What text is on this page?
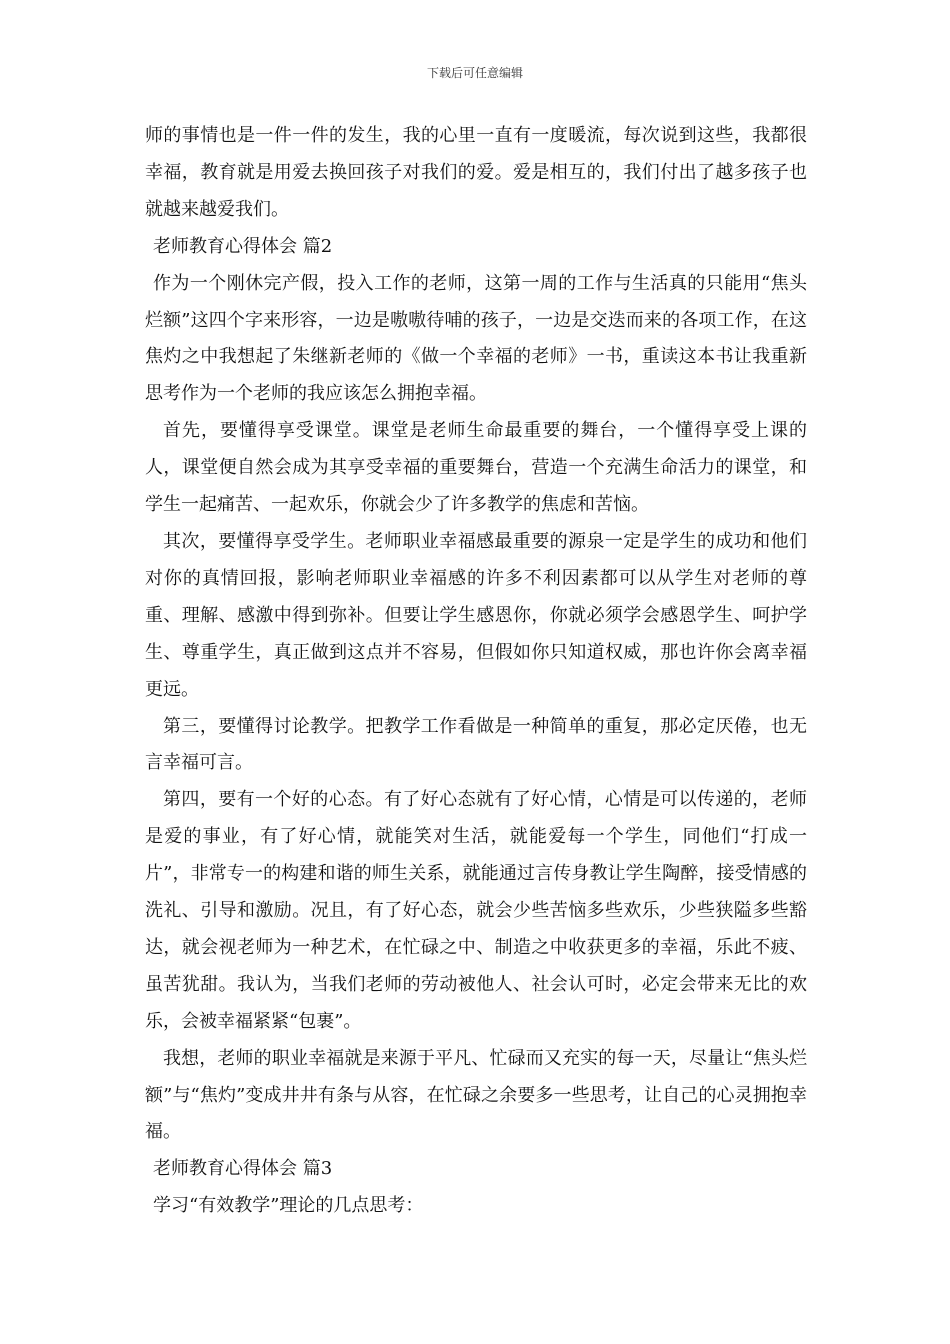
下载后可任意编辑

师的事情也是一件一件的发生，我的心里一直有一度暖流，每次说到这些，我都很幸福，教育就是用爱去换回孩子对我们的爱。爱是相互的，我们付出了越多孩子也就越来越爱我们。

老师教育心得体会 篇2

作为一个刚休完产假，投入工作的老师，这第一周的工作与生活真的只能用“焦头烂额”这四个字来形容，一边是嗷嗷待哺的孩子，一边是交迭而来的各项工作，在这焦灼之中我想起了朱继新老师的《做一个幸福的老师》一书，重读这本书让我重新思考作为一个老师的我应该怎么拥抱幸福。

首先，要懂得享受课堂。课堂是老师生命最重要的舞台，一个懂得享受上课的人，课堂便自然会成为其享受幸福的重要舞台，营造一个充满生命活力的课堂，和学生一起痛苦、一起欢乐，你就会少了许多教学的焦虑和苦恼。

其次，要懂得享受学生。老师职业幸福感最重要的源泉一定是学生的成功和他们对你的真情回报，影响老师职业幸福感的许多不利因素都可以从学生对老师的尊重、理解、感激中得到弥补。但要让学生感恩你，你就必须学会感恩学生、呵护学生、尊重学生，真正做到这点并不容易，但假如你只知道权威，那也许你会离幸福更远。

第三，要懂得讨论教学。把教学工作看做是一种简单的重复，那必定厌倦，也无言幸福可言。

第四，要有一个好的心态。有了好心态就有了好心情，心情是可以传递的，老师是爱的事业，有了好心情，就能笑对生活，就能爱每一个学生，同他们“打成一片”，非常专一的构建和谐的师生关系，就能通过言传身教让学生陶醉，接受情感的洗礼、引导和激励。况且，有了好心态，就会少些苦恼多些欢乐，少些狭隘多些豁达，就会视老师为一种艺术，在忙碌之中、制造之中收获更多的幸福，乐此不疲、虽苦犹甜。我认为，当我们老师的劳动被他人、社会认可时，必定会带来无比的欢乐，会被幸福紧紧“包裹”。

我想，老师的职业幸福就是来源于平凡、忙碌而又充实的每一天，尽量让“焦头烂额”与“焦灼”变成井井有条与从容，在忙碌之余要多一些思考，让自己的心灵拥抱幸福。

老师教育心得体会 篇3

学习“有效教学”理论的几点思考：
